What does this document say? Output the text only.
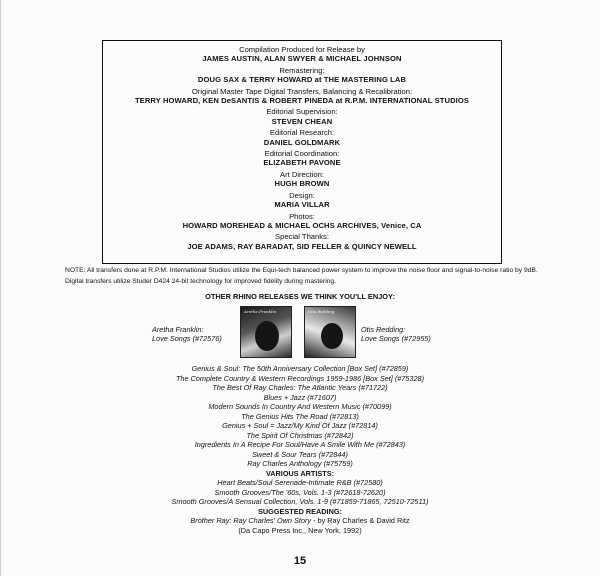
Compilation Produced for Release by
JAMES AUSTIN, ALAN SWYER & MICHAEL JOHNSON
Remastering:
DOUG SAX & TERRY HOWARD at THE MASTERING LAB
Original Master Tape Digital Transfers, Balancing & Recalibration:
TERRY HOWARD, KEN DeSANTIS & ROBERT PINEDA at R.P.M. INTERNATIONAL STUDIOS
Editorial Supervision:
STEVEN CHEAN
Editorial Research:
DANIEL GOLDMARK
Editorial Coordination:
ELIZABETH PAVONE
Art Direction:
HUGH BROWN
Design:
MARIA VILLAR
Photos:
HOWARD MOREHEAD & MICHAEL OCHS ARCHIVES, Venice, CA
Special Thanks:
JOE ADAMS, RAY BARADAT, SID FELLER & QUINCY NEWELL
NOTE: All transfers done at R.P.M. International Studios utilize the Equi-tech balanced power system to improve the noise floor and signal-to-noise ratio by 9dB. Digital transfers utilize Studer D424 24-bit technology for improved fidelity during mastering.
OTHER RHINO RELEASES WE THINK YOU'LL ENJOY:
Aretha Franklin:
Love Songs (#72576)
Aretha Franklin	Otis Redding
Otis Redding:
Love Songs (#72955)
Genius & Soul: The 50th Anniversary Collection [Box Set] (#72859)
The Complete Country & Western Recordings 1959-1986 [Box Set] (#75328)
The Best Of Ray Charles: The Atlantic Years (#71722)
Blues + Jazz (#71607)
Modern Sounds In Country And Western Music (#70099)
The Genius Hits The Road (#72813)
Genius + Soul = Jazz/My Kind Of Jazz (#72814)
The Spirit Of Christmas (#72842)
Ingredients In A Recipe For Soul/Have A Smile With Me (#72843)
Sweet & Sour Tears (#72844)
Ray Charles Anthology (#75759)
VARIOUS ARTISTS:
Heart Beats/Soul Serenade-Intimate R&B (#72580)
Smooth Grooves/The '60s, Vols. 1-3 (#72618-72620)
Smooth Grooves/A Sensual Collection, Vols. 1-9 (#71859-71865, 72510-72511)
SUGGESTED READING:
Brother Ray: Ray Charles' Own Story - by Ray Charles & David Ritz
(Da Capo Press Inc., New York, 1992)
15
